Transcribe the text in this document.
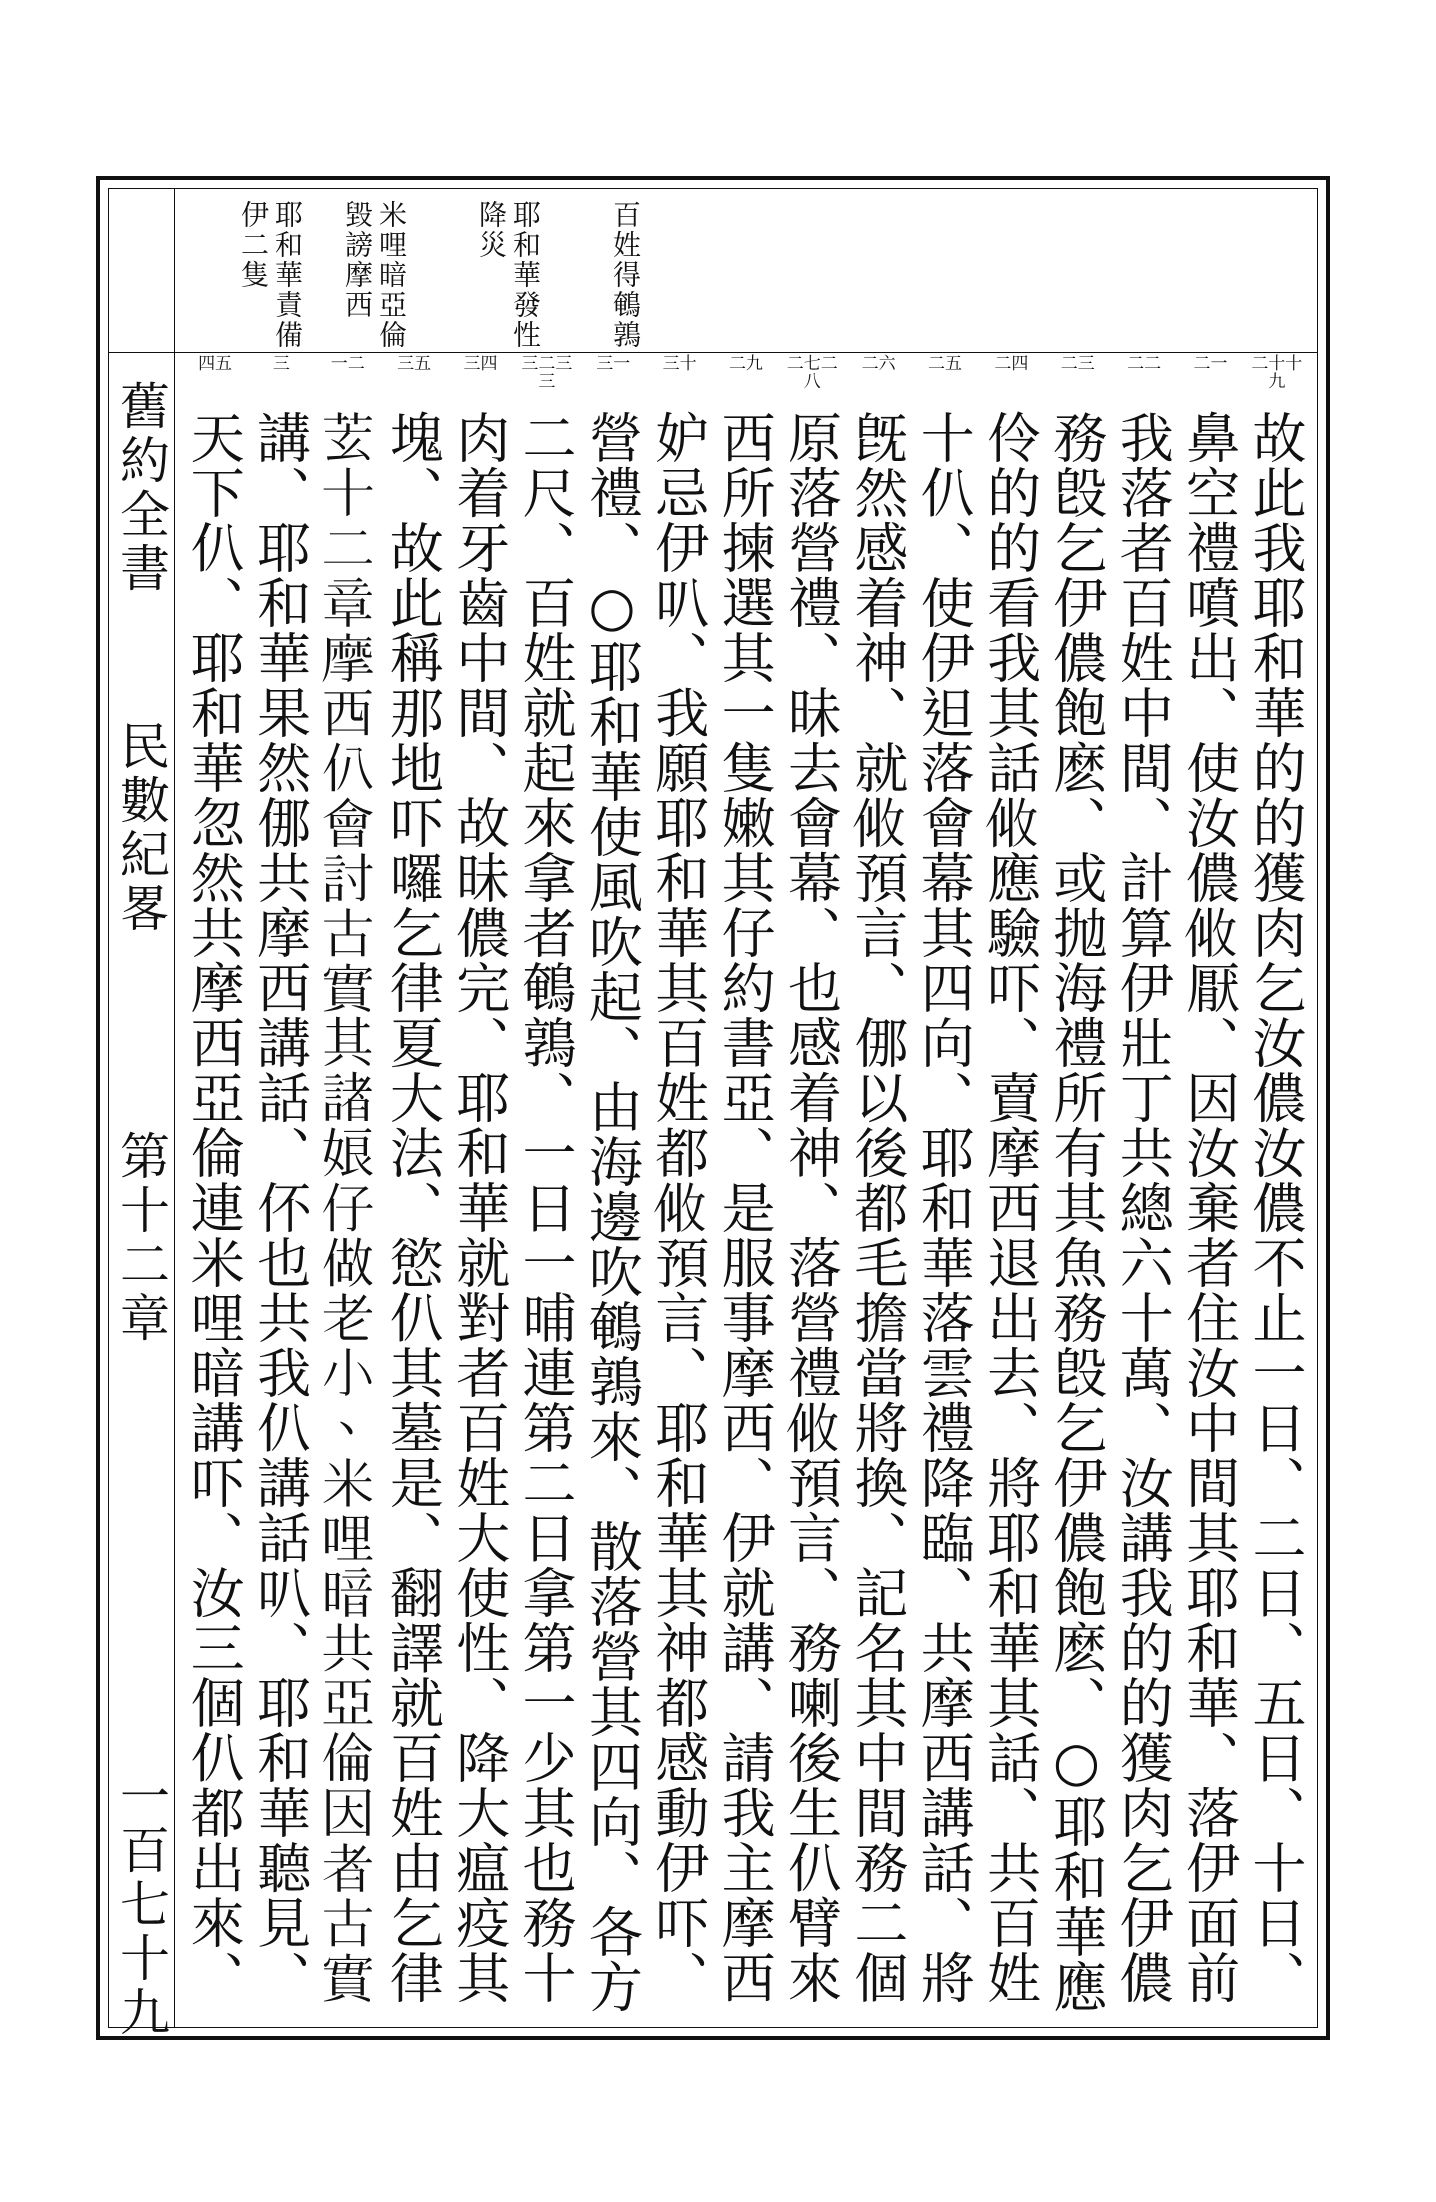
舊約全書
民數紀畧
第十二章
一百七十九
百姓得鵪鶉
耶和華發性降災
米哩暗亞倫毀謗摩西
耶和華責備伊二隻
二十十九
二一
二二
二三
二四
二五
二六
二七二八
二九
三十
三一
三二三三
三四
三五
一二
三
四五
故此我耶和華的的獲肉乞汝儂汝儂不止一日、二日、五日、十日、
鼻空禮噴出、使汝儂𠈅厭、因汝棄者住汝中間其耶和華、落伊面前
我落者百姓中間、計算伊壯丁共總六十萬、汝講我的的獲肉乞伊儂
務𣪘乞伊儂飽麽、或抛海禮所有其魚務𣪘乞伊儂飽麽、○耶和華應
伶的的看我其話𠈅應驗吓、賣摩西退出去、將耶和華其話、共百姓
十仈、使伊𨑨落會幕其四向、耶和華落雲禮降臨、共摩西講話、將
旣然感着神、就𠈅預言、㑚以後都毛擔當將換、記名其中間務二個
原落營禮、昧去會幕、也感着神、落營禮𠈅預言、務喇後生仈臂來
西所揀選其一隻嫩其仔約書亞、是服事摩西、伊就講、請我主摩西
妒忌伊叭、我願耶和華其百姓都𠈅預言、耶和華其神都感動伊吓、
營禮、○耶和華使風吹起、由海邊吹鵪鶉來、散落營其四向、各方
二尺、百姓就起來拿者鵪鶉、一日一晡連第二日拿第一少其也務十
肉着牙齒中間、故昧儂完、耶和華就對者百姓大使性、降大瘟疫其
塊、故此稱那地吓囉乞律夏大法、慾仈其墓是、翻譯就百姓由乞律
𦬾十二章摩西仈會討古實其諸娘仔做老小、米哩暗共亞倫因者古實
講、耶和華果然㑚共摩西講話、伓也共我仈講話叭、耶和華聽見、
天下仈、耶和華忽然共摩西亞倫連米哩暗講吓、汝三個仈都出來、
